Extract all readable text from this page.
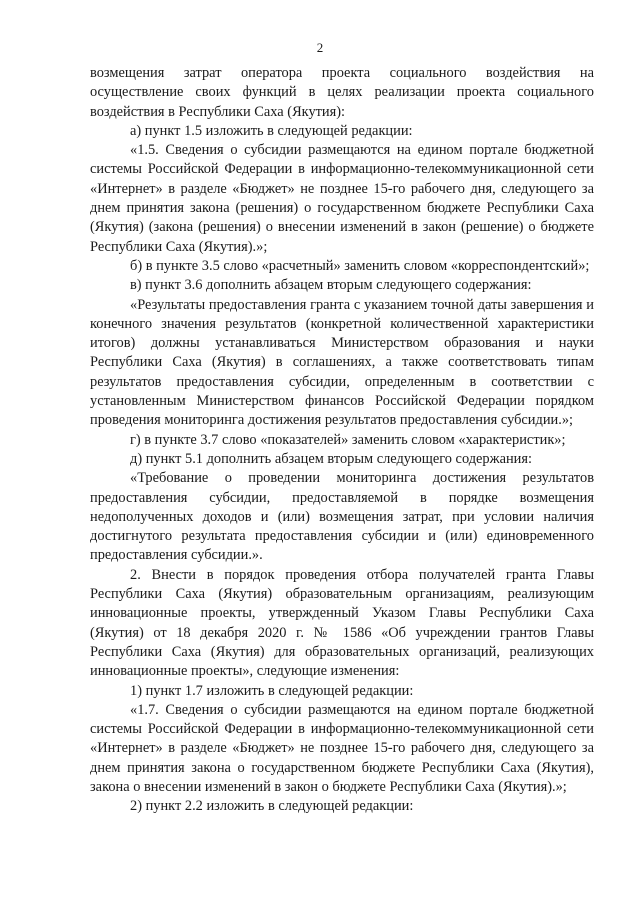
2

возмещения затрат оператора проекта социального воздействия на осуществление своих функций в целях реализации проекта социального воздействия в Республики Саха (Якутия):

а) пункт 1.5 изложить в следующей редакции:

«1.5. Сведения о субсидии размещаются на едином портале бюджетной системы Российской Федерации в информационно-телекоммуникационной сети «Интернет» в разделе «Бюджет» не позднее 15-го рабочего дня, следующего за днем принятия закона (решения) о государственном бюджете Республики Саха (Якутия) (закона (решения) о внесении изменений в закон (решение) о бюджете Республики Саха (Якутия).»;

б) в пункте 3.5 слово «расчетный» заменить словом «корреспондентский»;

в) пункт 3.6 дополнить абзацем вторым следующего содержания:

«Результаты предоставления гранта с указанием точной даты завершения и конечного значения результатов (конкретной количественной характеристики итогов) должны устанавливаться Министерством образования и науки Республики Саха (Якутия) в соглашениях, а также соответствовать типам результатов предоставления субсидии, определенным в соответствии с установленным Министерством финансов Российской Федерации порядком проведения мониторинга достижения результатов предоставления субсидии.»;

г) в пункте 3.7 слово «показателей» заменить словом «характеристик»;

д) пункт 5.1 дополнить абзацем вторым следующего содержания:

«Требование о проведении мониторинга достижения результатов предоставления субсидии, предоставляемой в порядке возмещения недополученных доходов и (или) возмещения затрат, при условии наличия достигнутого результата предоставления субсидии и (или) единовременного предоставления субсидии.».

2. Внести в порядок проведения отбора получателей гранта Главы Республики Саха (Якутия) образовательным организациям, реализующим инновационные проекты, утвержденный Указом Главы Республики Саха (Якутия) от 18 декабря 2020 г. № 1586 «Об учреждении грантов Главы Республики Саха (Якутия) для образовательных организаций, реализующих инновационные проекты», следующие изменения:

1) пункт 1.7 изложить в следующей редакции:

«1.7. Сведения о субсидии размещаются на едином портале бюджетной системы Российской Федерации в информационно-телекоммуникационной сети «Интернет» в разделе «Бюджет» не позднее 15-го рабочего дня, следующего за днем принятия закона о государственном бюджете Республики Саха (Якутия), закона о внесении изменений в закон о бюджете Республики Саха (Якутия).»;

2) пункт 2.2 изложить в следующей редакции:
